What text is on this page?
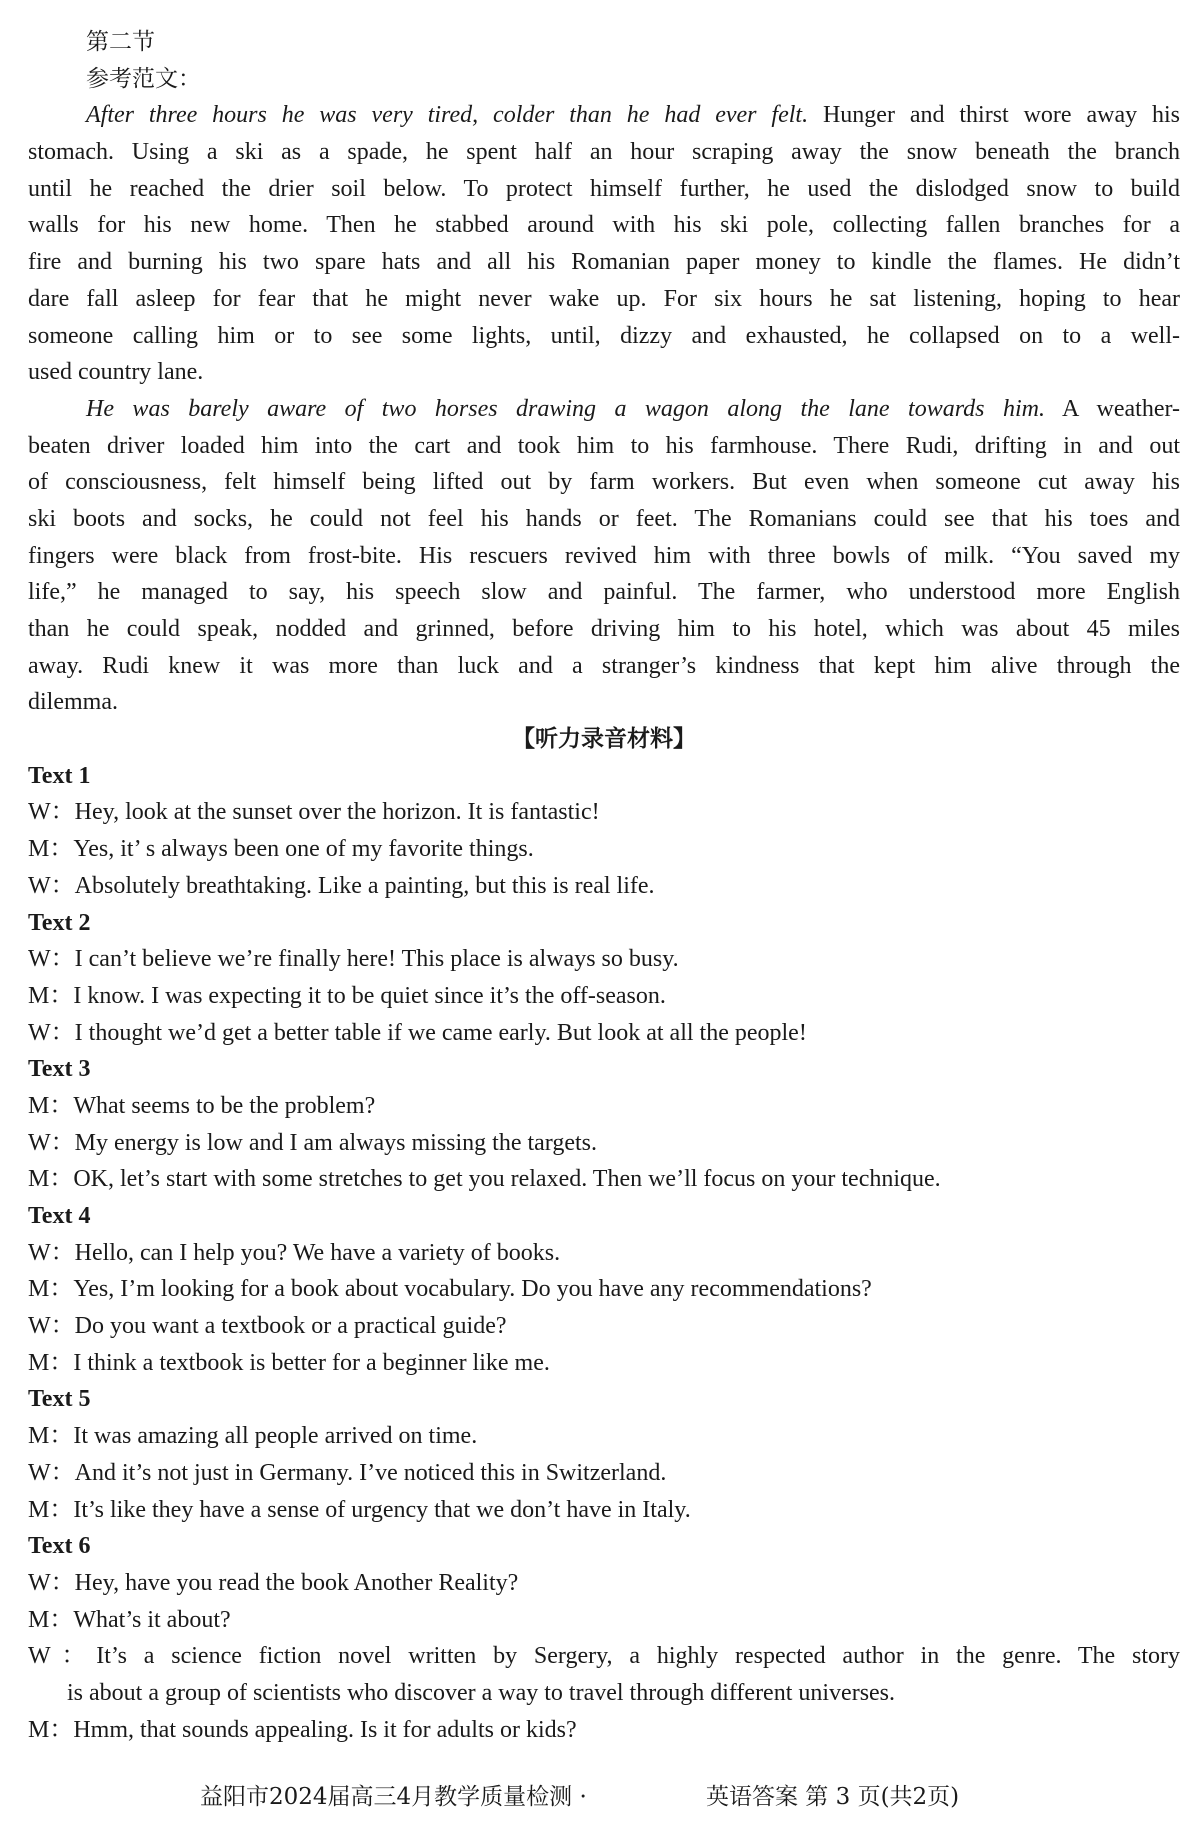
第二节
参考范文：
After three hours he was very tired, colder than he had ever felt. Hunger and thirst wore away his
stomach. Using a ski as a spade, he spent half an hour scraping away the snow beneath the branch
until he reached the drier soil below. To protect himself further, he used the dislodged snow to build
walls for his new home. Then he stabbed around with his ski pole, collecting fallen branches for a
fire and burning his two spare hats and all his Romanian paper money to kindle the flames. He didn’t
dare fall asleep for fear that he might never wake up. For six hours he sat listening, hoping to hear
someone calling him or to see some lights, until, dizzy and exhausted, he collapsed on to a well-
used country lane.
He was barely aware of two horses drawing a wagon along the lane towards him. A weather-
beaten driver loaded him into the cart and took him to his farmhouse. There Rudi, drifting in and out
of consciousness, felt himself being lifted out by farm workers. But even when someone cut away his
ski boots and socks, he could not feel his hands or feet. The Romanians could see that his toes and
fingers were black from frost-bite. His rescuers revived him with three bowls of milk. “You saved my
life,” he managed to say, his speech slow and painful. The farmer, who understood more English
than he could speak, nodded and grinned, before driving him to his hotel, which was about 45 miles
away. Rudi knew it was more than luck and a stranger’s kindness that kept him alive through the
dilemma.
【听力录音材料】
Text 1
W：Hey, look at the sunset over the horizon. It is fantastic!
M：Yes, it’ s always been one of my favorite things.
W：Absolutely breathtaking. Like a painting, but this is real life.
Text 2
W：I can’t believe we’re finally here! This place is always so busy.
M：I know. I was expecting it to be quiet since it’s the off-season.
W：I thought we’d get a better table if we came early. But look at all the people!
Text 3
M：What seems to be the problem?
W：My energy is low and I am always missing the targets.
M：OK, let’s start with some stretches to get you relaxed. Then we’ll focus on your technique.
Text 4
W：Hello, can I help you? We have a variety of books.
M：Yes, I’m looking for a book about vocabulary. Do you have any recommendations?
W：Do you want a textbook or a practical guide?
M：I think a textbook is better for a beginner like me.
Text 5
M：It was amazing all people arrived on time.
W：And it’s not just in Germany. I’ve noticed this in Switzerland.
M：It’s like they have a sense of urgency that we don’t have in Italy.
Text 6
W：Hey, have you read the book Another Reality?
M：What’s it about?
W：It’s a science fiction novel written by Sergery, a highly respected author in the genre. The story
is about a group of scientists who discover a way to travel through different universes.
M：Hmm, that sounds appealing. Is it for adults or kids?
益阳市2024届高三4月教学质量检测 ·	英语答案 第 3 页(共2页)
